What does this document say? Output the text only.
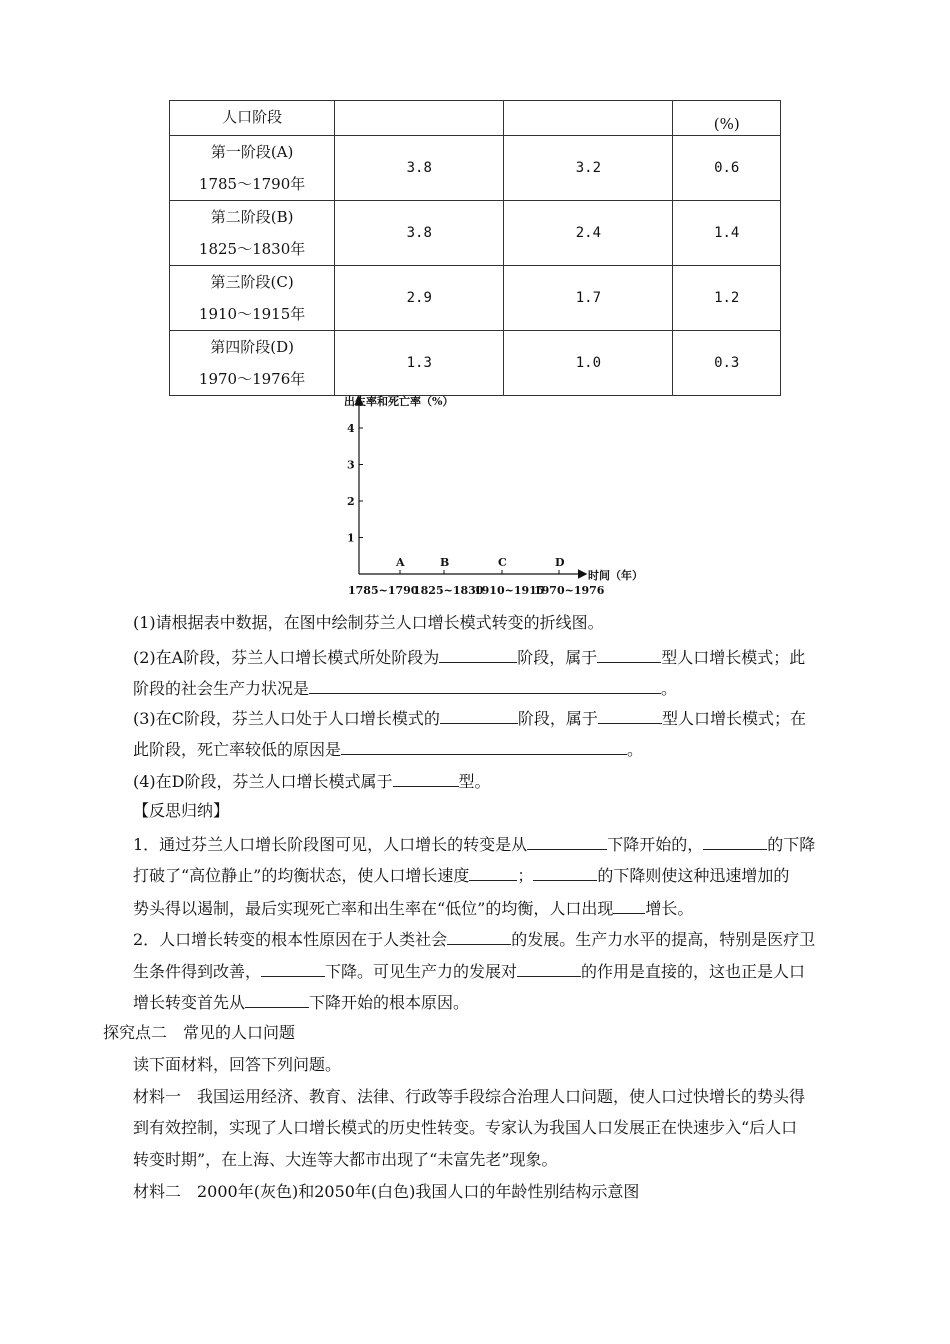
人口阶段			(%)

第一阶段(A)
1785～1790年	3.8	3.2	0.6

第二阶段(B)
1825～1830年	3.8	2.4	1.4

第三阶段(C)
1910～1915年	2.9	1.7	1.2

第四阶段(D)
1970～1976年	1.3	1.0	0.3
出生率和死亡率（%）
时间（年）
1
2
3
4
A	B	C	D
1785~1790
1825~1830
1910~1915
1970~1976
(1)请根据表中数据，在图中绘制芬兰人口增长模式转变的折线图。
(2)在A阶段，芬兰人口增长模式所处阶段为	阶段，属于	型人口增长模式；此
阶段的社会生产力状况是	。
(3)在C阶段，芬兰人口处于人口增长模式的	阶段，属于	型人口增长模式；在
此阶段，死亡率较低的原因是	。
(4)在D阶段，芬兰人口增长模式属于	型。
【反思归纳】
1．通过芬兰人口增长阶段图可见，人口增长的转变是从	下降开始的，	的下降
打破了“高位静止”的均衡状态，使人口增长速度	；	的下降则使这种迅速增加的
势头得以遏制，最后实现死亡率和出生率在“低位”的均衡，人口出现 增长。
2．人口增长转变的根本性原因在于人类社会	的发展。生产力水平的提高，特别是医疗卫
生条件得到改善，	下降。可见生产力的发展对	的作用是直接的，这也正是人口
增长转变首先从	下降开始的根本原因。
探究点二　常见的人口问题
读下面材料，回答下列问题。
材料一　我国运用经济、教育、法律、行政等手段综合治理人口问题，使人口过快增长的势头得
到有效控制，实现了人口增长模式的历史性转变。专家认为我国人口发展正在快速步入“后人口
转变时期”，在上海、大连等大都市出现了“未富先老”现象。
材料二　2000年(灰色)和2050年(白色)我国人口的年龄性别结构示意图
